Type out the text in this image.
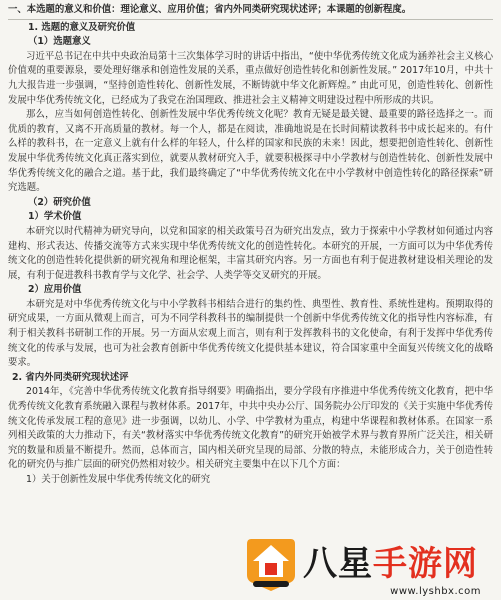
一、本选题的意义和价值：理论意义、应用价值；省内外同类研究现状述评；本课题的创新程度。

1. 选题的意义及研究价值

（1）选题意义

习近平总书记在中共中央政治局第十三次集体学习时的讲话中指出，“使中华优秀传统文化成为涵养社会主义核心价值观的重要源泉，要处理好继承和创造性发展的关系，重点做好创造性转化和创新性发展。” 2017年10月，中共十九大报告进一步强调，“坚持创造性转化、创新性发展，不断铸就中华文化新辉煌。” 由此可见，创造性转化、创新性发展中华优秀传统文化，已经成为了我党在治国理政、推进社会主义精神文明建设过程中所形成的共识。

那么，应当如何创造性转化、创新性发展中华优秀传统文化呢？教育无疑是最关键、最重要的路径选择之一。而优质的教育，又离不开高质量的教材。每一个人，都是在阅读，准确地说是在长时间精读教科书中成长起来的。有什么样的教科书，在一定意义上就有什么样的年轻人，什么样的国家和民族的未来！因此，想要把创造性转化、创新性发展中华优秀传统文化真正落实到位，就要从教材研究入手，就要积极探寻中小学教材与创造性转化、创新性发展中华优秀传统文化的融合之道。基于此，我们最终确定了“中华优秀传统文化在中小学教材中创造性转化的路径探索”研究选题。

（2）研究价值

1）学术价值

本研究以时代精神为研究导向，以党和国家的相关政策号召为研究出发点，致力于探索中小学教材如何通过内容建构、形式表达、传播交流等方式来实现中华优秀传统文化的创造性转化。本研究的开展，一方面可以为中华优秀传统文化的创造性转化提供新的研究视角和理论框架，丰富其研究内容。另一方面也有利于促进教材建设相关理论的发展，有利于促进教科书教育学与文化学、社会学、人类学等交叉研究的开展。

2）应用价值

本研究是对中华优秀传统文化与中小学教科书相结合进行的集约性、典型性、教育性、系统性建构。预期取得的研究成果，一方面从微观上而言，可为不同学科教科书的编制提供一个创新中华优秀传统文化的指导性内容标准，有利于相关教科书研制工作的开展。另一方面从宏观上而言，则有利于发挥教科书的文化使命，有利于发挥中华优秀传统文化的传承与发展，也可为社会教育创新中华优秀传统文化提供基本建议，符合国家重中全面复兴传统文化的战略要求。

2. 省内外同类研究现状述评

2014年，《完善中华优秀传统文化教育指导纲要》明确指出，要分学段有序推进中华优秀传统文化教育，把中华优秀传统文化教育系统融入课程与教材体系。2017年，中共中央办公厅、国务院办公厅印发的《关于实施中华优秀传统文化传承发展工程的意见》进一步强调，以幼儿、小学、中学教材为重点，构建中华课程和教材体系。在国家一系列相关政策的大力推动下，有关“教材落实中华优秀传统文化教育”的研究开始被学术界与教育界所广泛关注，相关研究的数量和质量不断提升。然而，总体而言，国内相关研究呈现的局部、分散的特点，未能形成合力，关于创造性转化的研究仍与推广层面的研究仍然相对较少。相关研究主要集中在以下几个方面：

1）关于创新性发展中华优秀传统文化的研究

八星手游网
www.lyshbx.com
